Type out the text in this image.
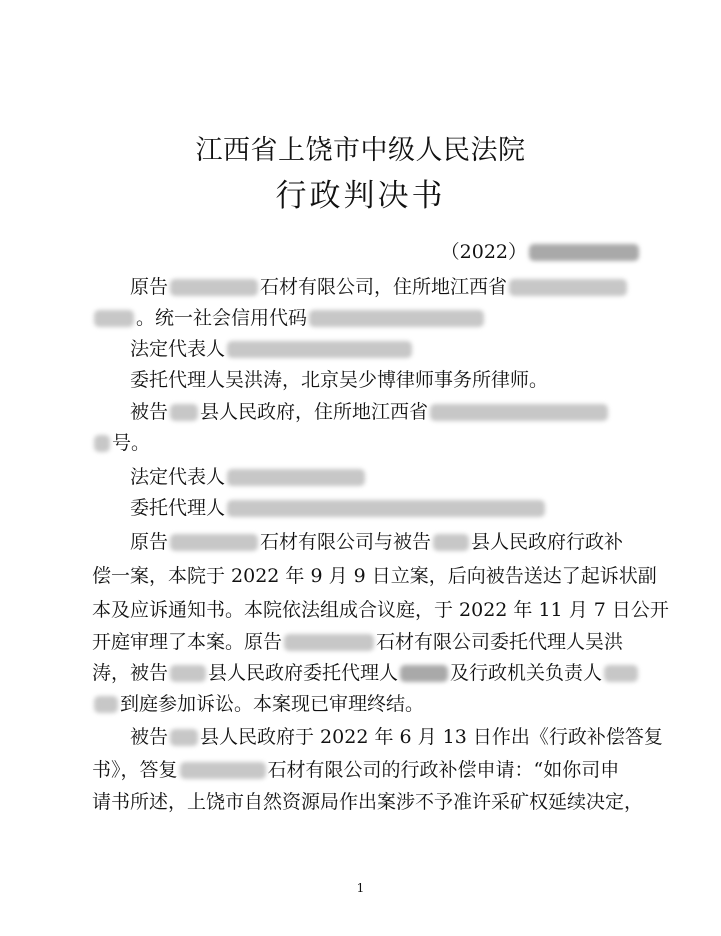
江西省上饶市中级人民法院
行政判决书
（2022）
原告	石材有限公司，住所地江西省
。统一社会信用代码
法定代表人
委托代理人吴洪涛，北京吴少博律师事务所律师。
被告 县人民政府，住所地江西省
号。
法定代表人
委托代理人
原告	石材有限公司与被告 县人民政府行政补
偿一案，本院于 2022 年 9 月 9 日立案，后向被告送达了起诉状副
本及应诉通知书。本院依法组成合议庭，于 2022 年 11 月 7 日公开
开庭审理了本案。原告	石材有限公司委托代理人吴洪
涛，被告 县人民政府委托代理人	及行政机关负责人
到庭参加诉讼。本案现已审理终结。
被告 县人民政府于 2022 年 6 月 13 日作出《行政补偿答复
书》，答复	石材有限公司的行政补偿申请：“如你司申
请书所述，上饶市自然资源局作出案涉不予准许采矿权延续决定，
1
